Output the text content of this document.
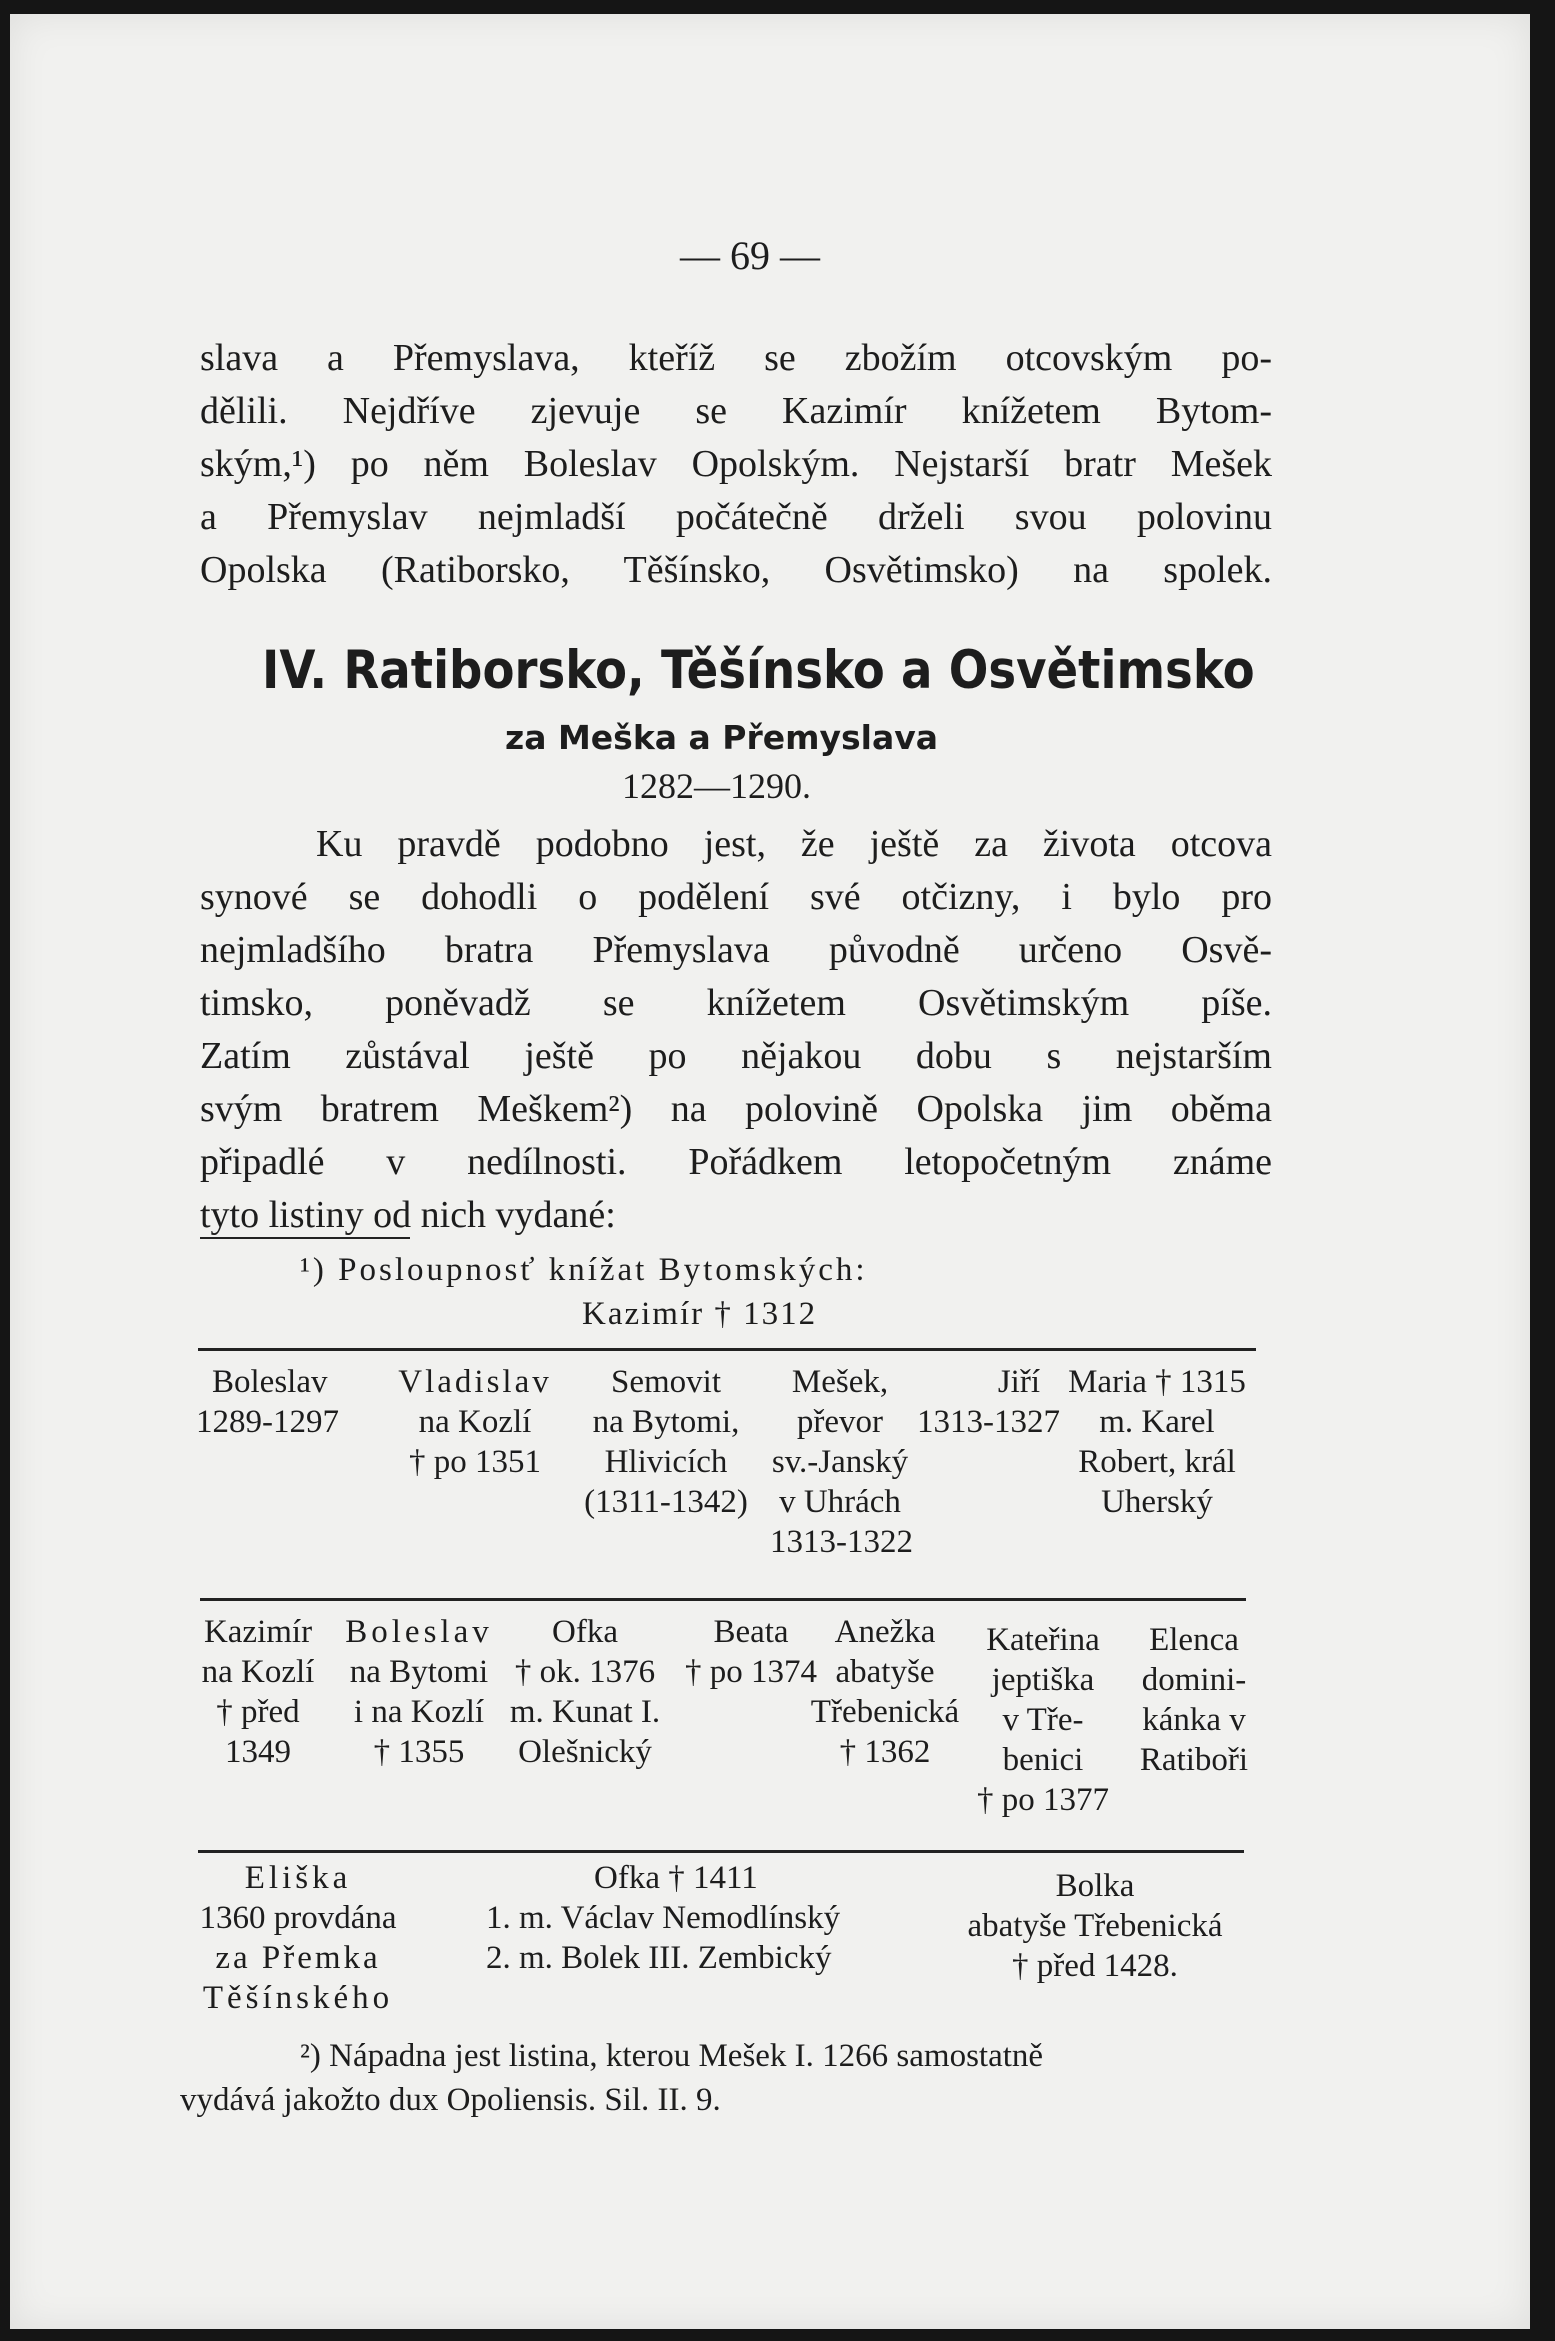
— 69 —
slava a Přemyslava, kteříž se zbožím otcovským po-
dělili. Nejdříve zjevuje se Kazimír knížetem Bytom-
ským,¹) po něm Boleslav Opolským. Nejstarší bratr Mešek
a Přemyslav nejmladší počátečně drželi svou polovinu
Opolska (Ratiborsko, Těšínsko, Osvětimsko) na spolek.
IV. Ratiborsko, Těšínsko a Osvětimsko
za Meška a Přemyslava
1282—1290.
Ku pravdě podobno jest, že ještě za života otcova
synové se dohodli o podělení své otčizny, i bylo pro
nejmladšího bratra Přemyslava původně určeno Osvě-
timsko, poněvadž se knížetem Osvětimským píše.
Zatím zůstával ještě po nějakou dobu s nejstarším
svým bratrem Meškem²) na polovině Opolska jim oběma
připadlé v nedílnosti. Pořádkem letopočetným známe
tyto listiny od nich vydané:
¹) Posloupnosť knížat Bytomských:
Kazimír † 1312
Boleslav
1289-1297
Vladislav
na Kozlí
† po 1351
Semovit
na Bytomi,
Hlivicích
(1311-1342)
Mešek,
převor
sv.-Janský
v Uhrách
1313-1322
Jiří
1313-1327
Maria † 1315
m. Karel
Robert, král
Uherský
Kazimír
na Kozlí
† před
1349
Boleslav
na Bytomi
i na Kozlí
† 1355
Ofka
† ok. 1376
m. Kunat I.
Olešnický
Beata
† po 1374
Anežka
abatyše
Třebenická
† 1362
Kateřina
jeptiška
v Tře-
benici
† po 1377
Elenca
domini-
kánka v
Ratiboři
Eliška
1360 provdána
za Přemka
Těšínského
Ofka † 1411
1. m. Václav Nemodlínský
2. m. Bolek III. Zembický
Bolka
abatyše Třebenická
† před 1428.
²) Nápadna jest listina, kterou Mešek I. 1266 samostatně
vydává jakožto dux Opoliensis. Sil. II. 9.
